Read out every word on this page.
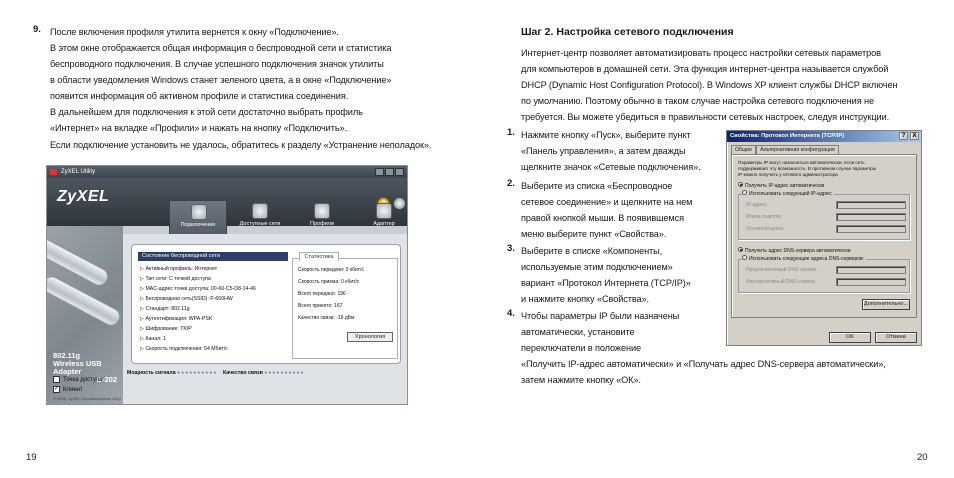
9. После включения профиля утилита вернется к окну «Подключение».
В этом окне отображается общая информация о беспроводной сети и статистика
беспроводного подключения. В случае успешного подключения значок утилиты
в области уведомления Windows станет зеленого цвета, а в окне «Подключение»
появится информация об активном профиле и статистика соединения.
В дальнейшем для подключения к этой сети достаточно выбрать профиль
«Интернет» на вкладке «Профили» и нажать на кнопку «Подключить».
Если подключение установить не удалось, обратитесь к разделу «Устранение неполадок».
ZyXEL Utility
ZyXEL	≡
802.11g
Wireless USB Adapter
G-202
Точка доступа
✓ Клиент
© 2005, ZyXEL Communications Corp.
Подключение	Доступные сети	Профили	Адаптер
Состояние беспроводной сети
▷ Активный профиль: Интернет
▷ Тип сети: С точкой доступа
▷ MAC-адрес точки доступа: 00-60-C5-D8-14-46
▷ Беспроводная сеть(SSID): P-660HW
▷ Стандарт: 802.11g
▷ Аутентификация: WPA-PSK
▷ Шифрование: TKIP
▷ Канал: 1
▷ Скорость подключения: 54 Мбит/с
Статистика
Скорость передачи: 0 кбит/с
Скорость приема: 0 кбит/с
Всего передано: 196
Всего принято: 167
Качество связи: -19 дБм
Хронология
Мощность сигнала ●●●●●●●●●● Качество связи ●●●●●●●●●●
19
Шаг 2. Настройка сетевого подключения
Интернет-центр позволяет автоматизировать процесс настройки сетевых параметров
для компьютеров в домашней сети. Эта функция интернет-центра называется службой
DHCP (Dynamic Host Configuration Protocol). В Windows XP клиент службы DHCP включен
по умолчанию. Поэтому обычно в таком случае настройка сетевого подключения не
требуется. Вы можете убедиться в правильности сетевых настроек, следуя инструкции.
1. Нажмите кнопку «Пуск», выберите пункт
«Панель управления», а затем дважды
щелкните значок «Сетевые подключения».
2. Выберите из списка «Беспроводное
сетевое соединение» и щелкните на нем
правой кнопкой мыши. В появившемся
меню выберите пункт «Свойства».
3. Выберите в списке «Компоненты,
используемые этим подключением»
вариант «Протокол Интернета (TCP/IP)»
и нажмите кнопку «Свойства».
4. Чтобы параметры IP были назначены
автоматически, установите
переключатели в положение
«Получить IP-адрес автоматически» и «Получать адрес DNS-сервера автоматически»,
затем нажмите кнопку «ОК».
Свойства: Протокол Интернета (TCP/IP)	?	X
Общие	Альтернативная конфигурация
Параметры IP могут назначаться автоматически, если сеть
поддерживает эту возможность. В противном случае параметры
IP можно получить у сетевого администратора.
Получить IP-адрес автоматически
Использовать следующий IP-адрес:
IP-адрес:
Маска подсети:
Основной шлюз:
Получить адрес DNS-сервера автоматически
Использовать следующие адреса DNS-серверов:
Предпочитаемый DNS-сервер:
Альтернативный DNS-сервер:
Дополнительно...
OK	Отмена
20
